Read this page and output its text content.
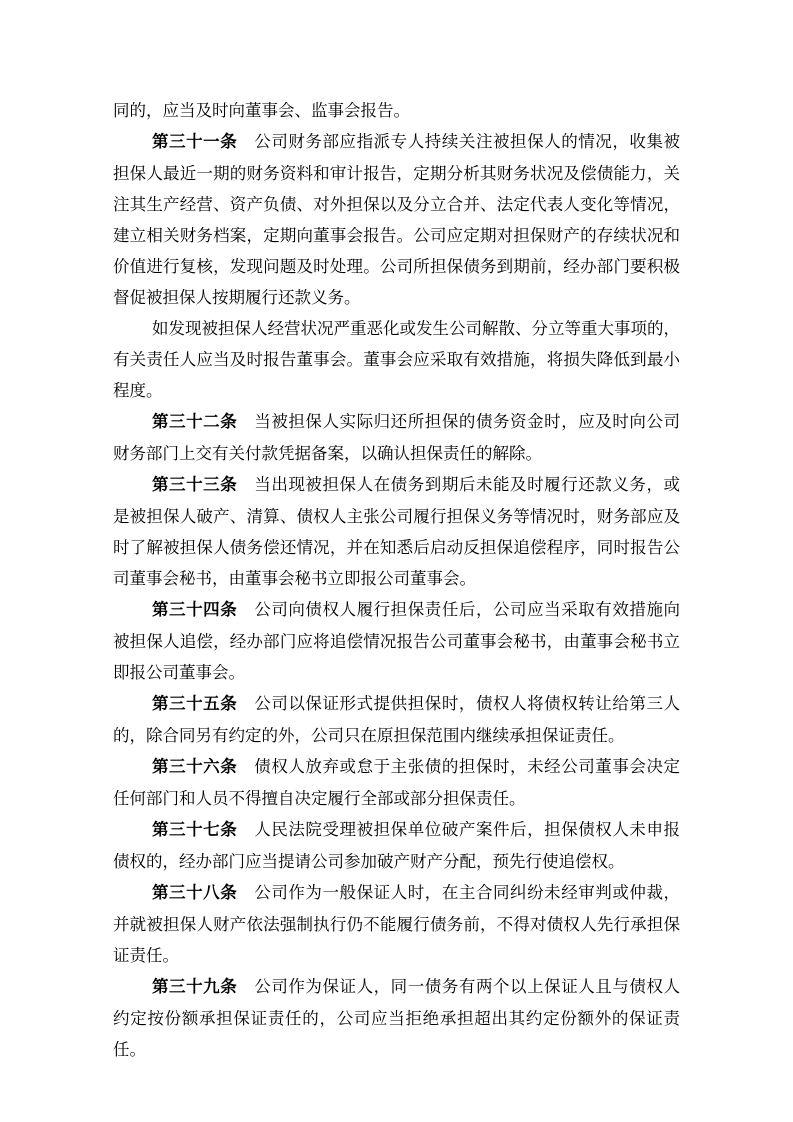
同的，应当及时向董事会、监事会报告。

第三十一条 公司财务部应指派专人持续关注被担保人的情况，收集被担保人最近一期的财务资料和审计报告，定期分析其财务状况及偿债能力，关注其生产经营、资产负债、对外担保以及分立合并、法定代表人变化等情况，建立相关财务档案，定期向董事会报告。公司应定期对担保财产的存续状况和价值进行复核，发现问题及时处理。公司所担保债务到期前，经办部门要积极督促被担保人按期履行还款义务。

如发现被担保人经营状况严重恶化或发生公司解散、分立等重大事项的，有关责任人应当及时报告董事会。董事会应采取有效措施，将损失降低到最小程度。

第三十二条 当被担保人实际归还所担保的债务资金时，应及时向公司财务部门上交有关付款凭据备案，以确认担保责任的解除。

第三十三条 当出现被担保人在债务到期后未能及时履行还款义务，或是被担保人破产、清算、债权人主张公司履行担保义务等情况时，财务部应及时了解被担保人债务偿还情况，并在知悉后启动反担保追偿程序，同时报告公司董事会秘书，由董事会秘书立即报公司董事会。

第三十四条 公司向债权人履行担保责任后，公司应当采取有效措施向被担保人追偿，经办部门应将追偿情况报告公司董事会秘书，由董事会秘书立即报公司董事会。

第三十五条 公司以保证形式提供担保时，债权人将债权转让给第三人的，除合同另有约定的外，公司只在原担保范围内继续承担保证责任。

第三十六条 债权人放弃或怠于主张债的担保时，未经公司董事会决定任何部门和人员不得擅自决定履行全部或部分担保责任。

第三十七条 人民法院受理被担保单位破产案件后，担保债权人未申报债权的，经办部门应当提请公司参加破产财产分配，预先行使追偿权。

第三十八条 公司作为一般保证人时，在主合同纠纷未经审判或仲裁，并就被担保人财产依法强制执行仍不能履行债务前，不得对债权人先行承担保证责任。

第三十九条 公司作为保证人，同一债务有两个以上保证人且与债权人约定按份额承担保证责任的，公司应当拒绝承担超出其约定份额外的保证责任。
